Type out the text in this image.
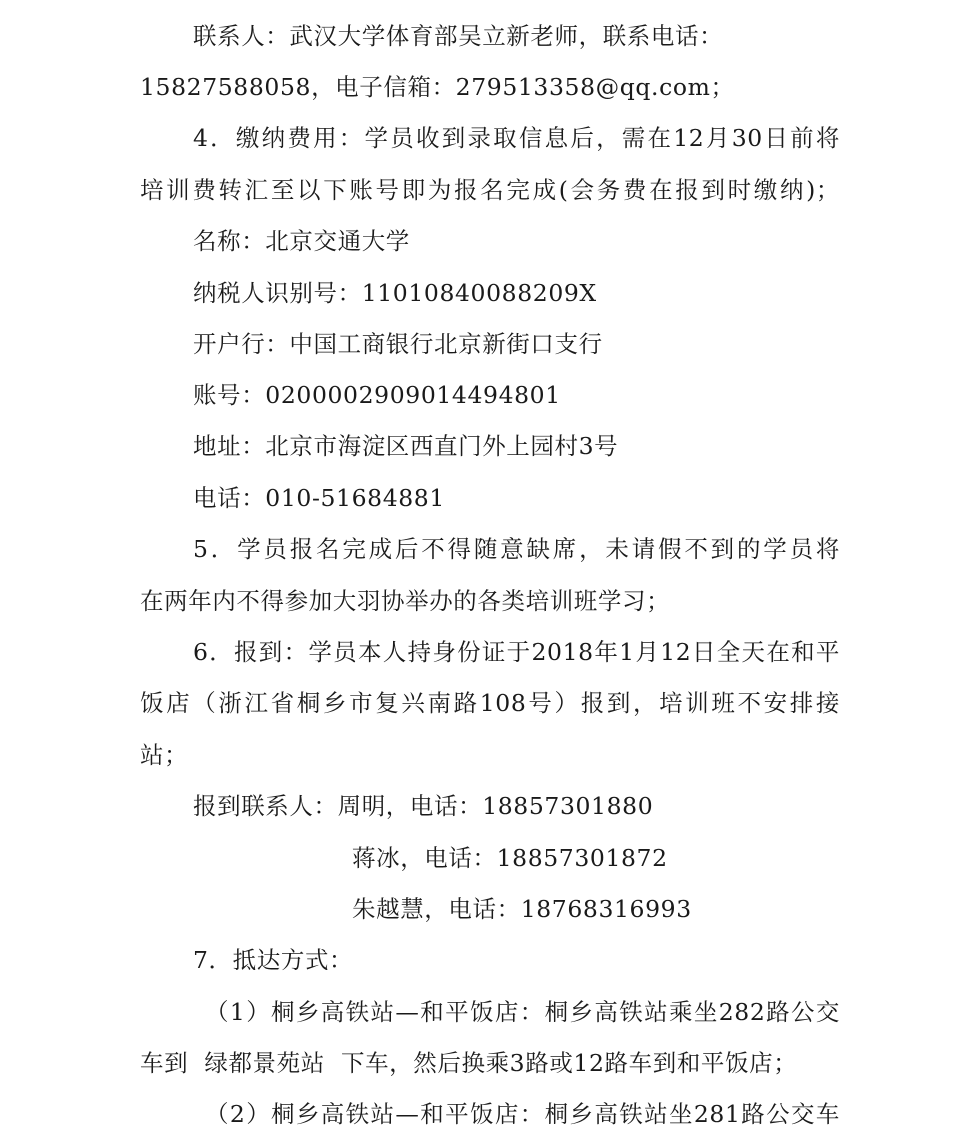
联系人：武汉大学体育部吴立新老师，联系电话：
15827588058，电子信箱：279513358@qq.com；
4．缴纳费用：学员收到录取信息后，需在12月30日前将
培训费转汇至以下账号即为报名完成(会务费在报到时缴纳)；
名称：北京交通大学
纳税人识别号：11010840088209X
开户行：中国工商银行北京新街口支行
账号：0200002909014494801
地址：北京市海淀区西直门外上园村3号
电话：010-51684881
5．学员报名完成后不得随意缺席，未请假不到的学员将
在两年内不得参加大羽协举办的各类培训班学习；
6．报到：学员本人持身份证于2018年1月12日全天在和平
饭店（浙江省桐乡市复兴南路108号）报到，培训班不安排接
站；
报到联系人：周明，电话：18857301880
蒋冰，电话：18857301872
朱越慧，电话：18768316993
7．抵达方式：
（1）桐乡高铁站—和平饭店：桐乡高铁站乘坐282路公交
车到  绿都景苑站  下车，然后换乘3路或12路车到和平饭店；
（2）桐乡高铁站—和平饭店：桐乡高铁站坐281路公交车
